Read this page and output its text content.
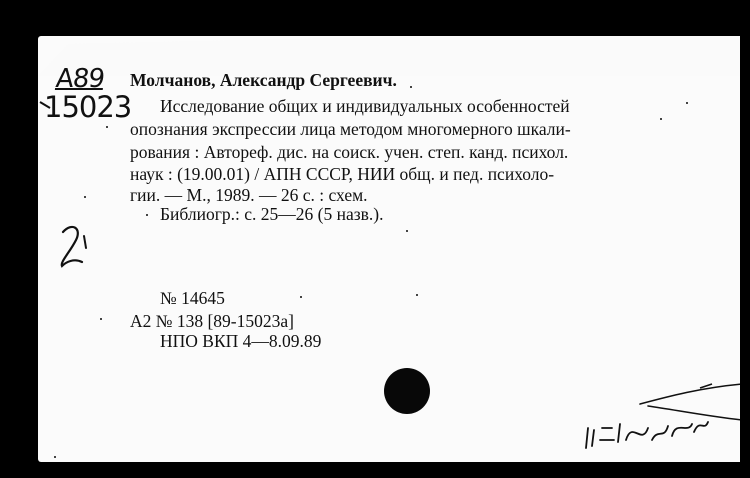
А89
15023
Молчанов, Александр Сергеевич.
Исследование общих и индивидуальных особенностей
опознания экспрессии лица методом многомерного шкали-
рования : Автореф. дис. на соиск. учен. степ. канд. психол.
наук : (19.00.01) / АПН СССР, НИИ общ. и пед. психоло-
гии. — М., 1989. — 26 с. : схем.
Библиогр.: с. 25—26 (5 назв.).
№ 14645
А2 № 138 [89-15023а]
НПО ВКП 4—8.09.89
